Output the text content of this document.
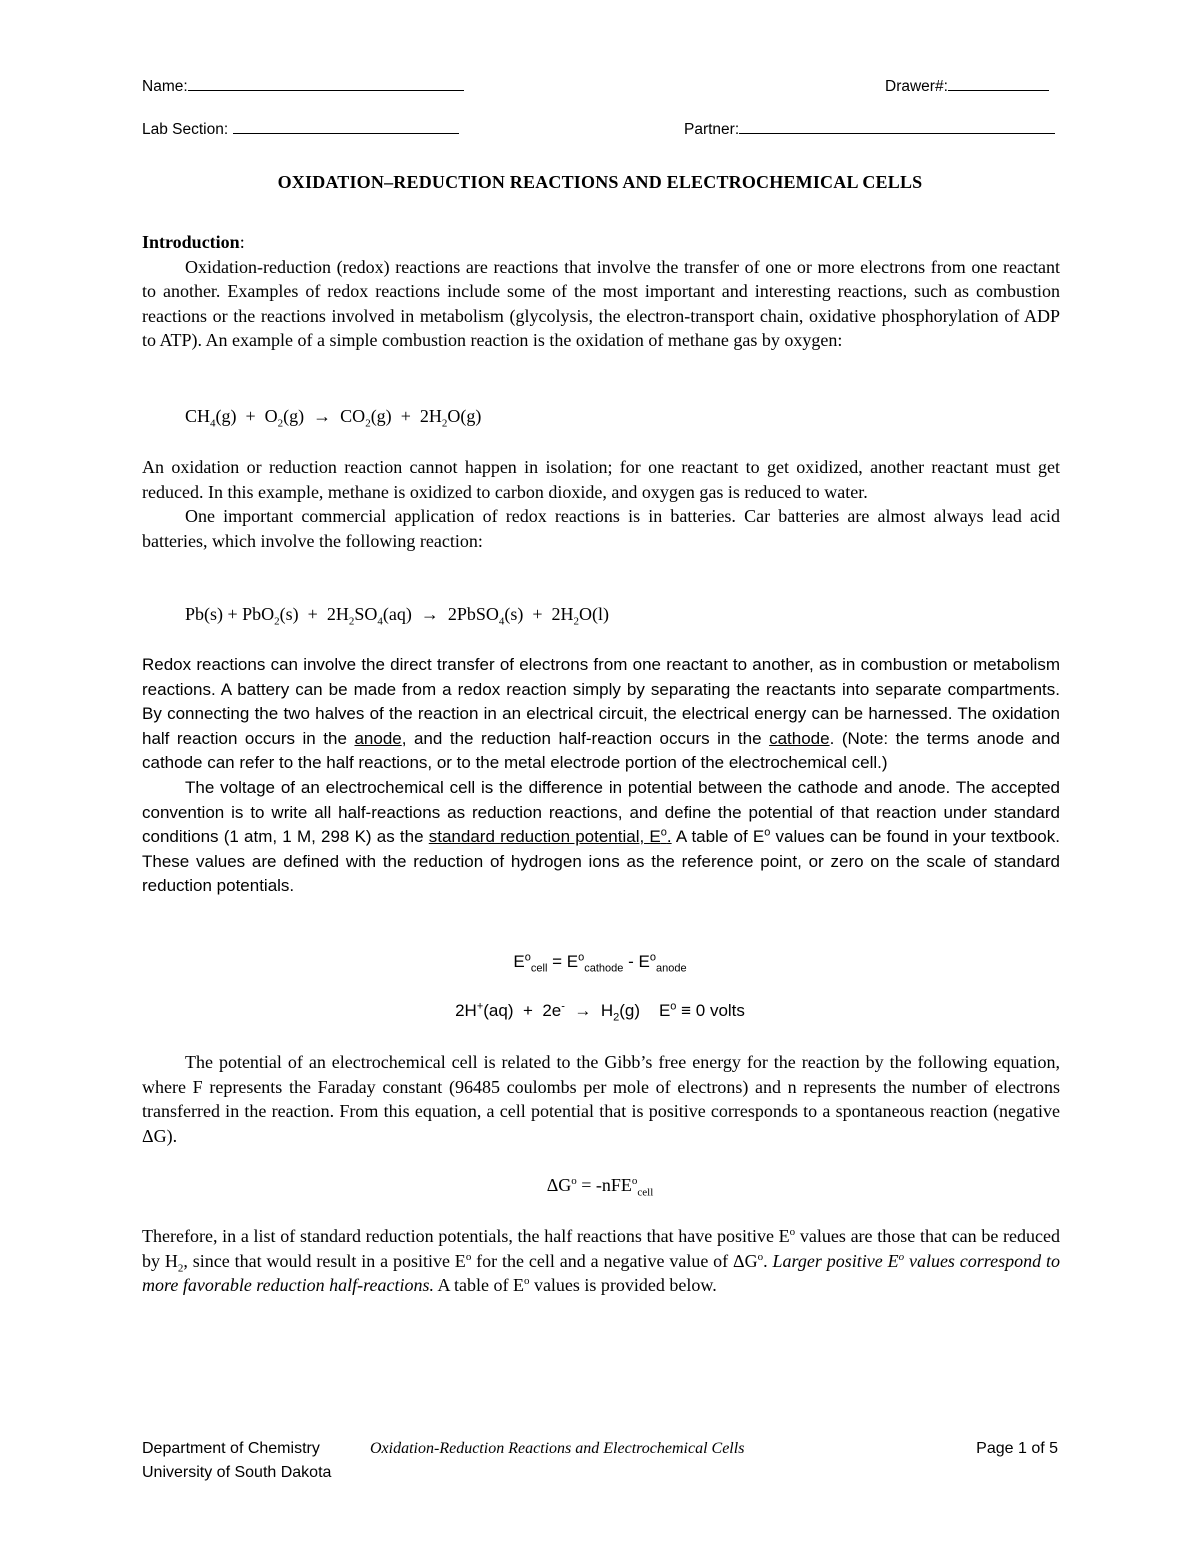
Name:	Drawer#:
Lab Section:	Partner:
OXIDATION–REDUCTION REACTIONS AND ELECTROCHEMICAL CELLS
Introduction:
Oxidation-reduction (redox) reactions are reactions that involve the transfer of one or more electrons from one reactant to another. Examples of redox reactions include some of the most important and interesting reactions, such as combustion reactions or the reactions involved in metabolism (glycolysis, the electron-transport chain, oxidative phosphorylation of ADP to ATP). An example of a simple combustion reaction is the oxidation of methane gas by oxygen:
$CH_4(g) + O_2(g) \to CO_2(g) + 2H_2O(g)$
An oxidation or reduction reaction cannot happen in isolation; for one reactant to get oxidized, another reactant must get reduced. In this example, methane is oxidized to carbon dioxide, and oxygen gas is reduced to water.
One important commercial application of redox reactions is in batteries. Car batteries are almost always lead acid batteries, which involve the following reaction:
$Pb(s) + PbO_2(s) + 2H_2SO_4(aq)$ → 2PbSO$_4$(s) + $2H_2O(l)$
Redox reactions can involve the direct transfer of electrons from one reactant to another, as in combustion or metabolism reactions. A battery can be made from a redox reaction simply by separating the reactants into separate compartments. By connecting the two halves of the reaction in an electrical circuit, the electrical energy can be harnessed. The oxidation half reaction occurs in the anode, and the reduction half-reaction occurs in the cathode. (Note: the terms anode and cathode can refer to the half reactions, or to the metal electrode portion of the electrochemical cell.)
The voltage of an electrochemical cell is the difference in potential between the cathode and anode. The accepted convention is to write all half-reactions as reduction reactions, and define the potential of that reaction under standard conditions (1 atm, 1 M, 298 K) as the standard reduction potential, $E^o$. A table of $E^o$ values can be found in your textbook. These values are defined with the reduction of hydrogen ions as the reference point, or zero on the scale of standard reduction potentials.
$E^o_{cell} = E^o_{cathode} - E^o_{anode}$
$2H^+(aq) + 2e^- \to H_2(g) E^o \equiv 0$ volts
The potential of an electrochemical cell is related to the Gibb’s free energy for the reaction by the following equation, where F represents the Faraday constant (96485 coulombs per mole of electrons) and n represents the number of electrons transferred in the reaction. From this equation, a cell potential that is positive corresponds to a spontaneous reaction (negative ΔG).
$\Delta G^o = -nFE^o_{cell}$
Therefore, in a list of standard reduction potentials, the half reactions that have positive $E^o$ values are those that can be reduced by $H_2$, since that would result in a positive $E^o$ for the cell and a negative value of $\Delta G^o$. Larger positive $E^o$ values correspond to more favorable reduction half-reactions. A table of $E^o$ values is provided below.
Department of Chemistry	Oxidation-Reduction Reactions and Electrochemical Cells	Page 1 of 5
University of South Dakota
